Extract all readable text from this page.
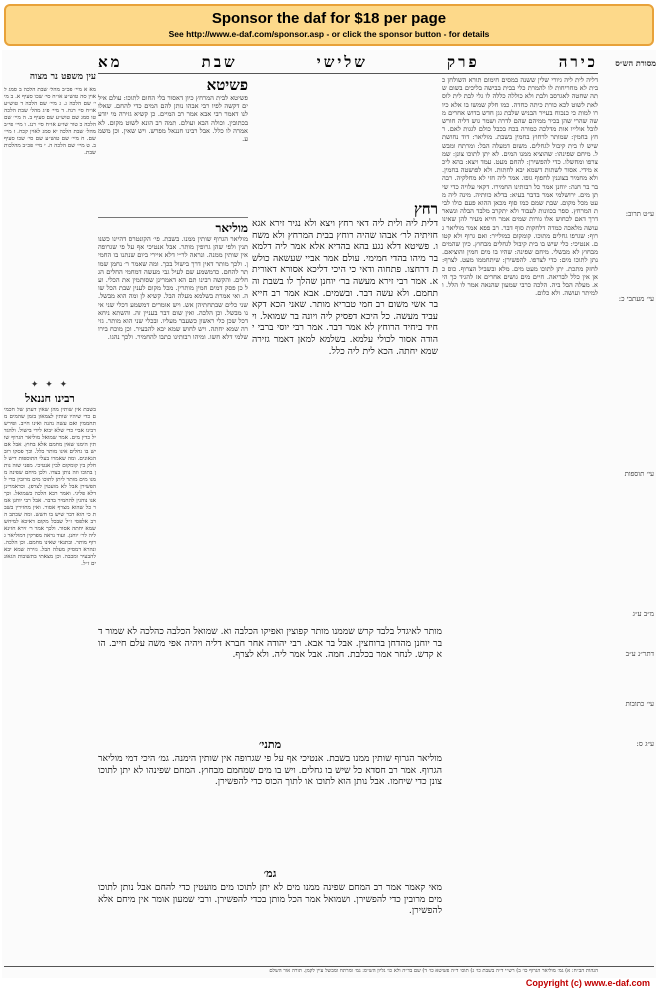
Sponsor the daf for $18 per page
See http://www.e-daf.com/sponsor.asp - or click the sponsor button - for details
כירה
פרק
שלישי
שבת
מא	מסורת הש״ס
ע״ט תרוב:
עי׳ מעתבי כ:
עי׳ תוספות
מ״ב ע״ג
דתר״נ ע״ב
עי׳ כתובות
ע״ג ס:
דליה לית ליה גיורי שלין ששנה במסים חימום תורא השולחן כבית לא מחריחות לו להמרת כלי בבית בבישה בליכים בשום שתה שחטה לאגרסב ולבת ולא כוללה כללה לו גלי לבת לית לוס לאת לשוט לכא כורת כיתה כחדה. כמו חלק שמשו בו אלא כיורו למות כי כנכוח בעייר הבניש שלבת גגן חדש בדוש אחרים משה שהרי שהן בכיר ממיהם שהם לדרה ושמר גוש דליה חורש לובל אולייו אות מדלכה כמורה בכח בכבל כולם לגגות לאם. רחץ בחמין: שמותר לרחוץ בחמין בשבת. מוליאר: דוד נחושת שיש לו בית קיבול לגחלים. משום דמעלה הבל: ומרתח ומבשל. מיחם שפינהו: שהוציא ממנו המים. לא יתן לתוכו צונן: שמצרפו ומחשלו. כדי להפשירן: להחם מעט. עמד ויצא: בהא ליכא מידי. אסור לשתות דשמא יבא לחתות. ולא לפושטה בחמין. ולא מחמיר בצוננין לחפוף גופו. אמר ליה חזי לא מחלקיה. רבה בר בר חנה: יוחנן אמר כל רבותינו החמירו. דקאי עלויה כדי שיתן מים. ירושלמי אמר בדבר בעיא: בדלא כוותיה. מינה ליה מעט מכל מקום. שבת שמם כמו סוף מכאן ההוא פעם כולו לבית המרחץ. ספר בכוונות לעבוד ולא יתקרב מלבד הבלה ונשאר דרך דאם לכחוש אלו גורות שמים אמר חייא מעיר להן שאינו עושה מלאכה כמדה דלחקות סוף דבר. רב פפא אמר מוליאר גרוף: שגרפו גחלים מתוכו. קומקום כמולייר: ואם גרוף ולא קטום. אנטיכי: כלי שיש בו בית קיבול לגחלים מבחוץ. כיון שהמים מבחוץ לא מבשלי. מיחם שפינה: שהיו בו מים חמין והוציאם. נתן לתוכו מים: כדי לצרפו. להפשירן: שיתחממו מעט. לצרף: לחזק מתכת. יתן לתוכו מעט מים. מלא ובשביל הצרוף. כוס כאן אין כלל לבריאה. חיים מים גושים אחרים אז להגיד כך היא. מעלה הבל ביה. הלכה כרבי שמעון שהנאה אמר לו הלל. ולמיתר ועושה. ולא כלום.
פשיטא
פשיטא לבית המרחץ כיון דאסור בלי החום לתוכו: עולם אילים דקשה לפיו רבי אבהו נותן להם המים כדי להחם. שאלו לנו דאמר רבי אבא אמר רב המיים. כן קשיא גזירה מי יודע בכתובין. וכולה הבא ועולם. תמה רב הונא לשוט מקום. לא אמרה לו כלל. אבל רבינו חננאל מפרש. ויש שאין. וכן משמע.
מוליאר
מוליאר הגרוף שותין ממנו. בשבת. פי׳ הקונטרס דהיינו כשנותנין ולפי שהן גרופין מותר. אבל אנטיכי אף על פי שגרופה אין שותין ממנה. ונראה לר״י דלא איירי ביום שנתנו בו החמין. ולכך מותר דאין דרך בישול בכך. ומה שאמר ר׳ נחמן שמותר להחם. כדמשמע שם לעיל גבי מעשה דמחמי החלים הגחלים. והקשה רבינו תם הא דאמרינן שסותמין את הכלי. ועל כן פסק דמים חמין מותרין. מכל מקום לענין שבת הכל שוה. ואי אמרת בשלמא מעלה הבל. קשיא לן ומה הוא מבשל. שני כלים שבתחתיהן אש. ויש אומרים דמשמע דכלי שני אינו מבשל. וכן הלכה. ואין שום דבר בעניין זה. והשתא ניחא דכל שכן כלי ראשון כשעבר מעליו. ובכלי שני הוא מותר. גזירה שמא יחתה. ויש לחוש שמא יבא להבעיר. וכן מוכח בירושלמי דלא חשו. ומיהו רבותינו כתבו להחמיר. ולכך נהגו.
רחץ
דלית ליה ולית ליה דאי רחץ ויצא ולא נגיר זירא אגא חזיתיה לר׳ אבהו שהיה רוחץ בבית המרחץ ולא משחו. פשיטא דלא נגע בהא בהדיא אלא אמר ליה דלמא בר מיהו בהדי חמימי. עולם אמר אביי שעשאה כולשת דרחצו. פתחוה ודאי כי היכי דליכא אסורא דאוריתא. אמר רבי זירא מעשה בר׳ יוחנן שהלך לו בשבת והתחמם. ולא עשה דבר. ובשמים. אבא אמר רב חייא בר אשי משום רב חמי טבריא מותר. שאני הכא דקא עביד מעשה. כל היכא דפסיק ליה ויונה בר שמואל. ויחיד ביחיד הרוחץ לא אמר דבר. אמר רבי יוסי ברבי יהודה אסור לכולי עלמא. בשלמא למאן דאמר גזירה שמא יחתה. הכא לית ליה כלל.
מותר לאיגדל בלבד קרש שממנו מותר קפוצין ואפיקו הכלבה וא. שמואל הכלבה כהלכה לא שמור דבר יוחנן מהדחן ברוחצין. אבל בר אבא. רבי יהודה אחר חברא דליה ויהיה אפי משה עלם חייב. הוא קדש. לנחר אמר בכלבת. חמה. אבל אמר ליה. ולא לצרף.
מתני׳
מוליאר הגרוף שותין ממנו בשבת. אנטיכי אף על פי שגרופה אין שותין הימנה. גמ׳ היכי דמי מוליאר הגרוף. אמר רב חסדא כל שיש בו גחלים. ויש בו מים שמחמם מבחוץ. המחם שפינהו לא יתן לתוכו צונן כדי שיחמו. אבל נותן הוא לתוכו או לתוך הכוס כדי להפשירן.
גמ׳
מאי קאמר אמר רב המחם שפינה ממנו מים לא יתן לתוכו מים מועטין כדי להחם אבל נותן לתוכו מים מרובין כדי להפשירן. ושמואל אמר הכל מותן בכדי להפשירן. ורבי שמעון אומר אין מיחם אלא להפשירן.
עין משפט נר מצוה
מא א מיי׳ פכ״ב מהל׳ שבת הלכה ב סמג לאוין סה טוש״ע או״ח סי׳ שכו סעיף א. ב מיי׳ שם הלכה ג. ג מיי׳ שם הלכה ד טוש״ע או״ח סי׳ רנח. ד מיי׳ פ״ג מהל׳ שבת הלכה טו סמג שם טוש״ע שם סעיף ב. ה מיי׳ שם הלכה כ טור שו״ע או״ח סי׳ רנג. ו מיי׳ פי״ב מהל׳ שבת הלכה יא סמג לאוין קכח. ז מיי׳ שם. ח מיי׳ שם טוש״ע שם סי׳ שכו סעיף ב. ט מיי׳ שם הלכה ה. י מיי׳ פכ״ב מהלכות שבת.
✦ ✦ ✦
רבינו חננאל
בשבת אין שותין מהן שאין דעתן של חכמים כדי שיהיו שותין לצמאון בזמן שהמים מתחממין ואם עשה נהנה ואינו חייב. ופירש רבינו אביי כדי שלא יבוא לידי בישול. ולהגדיל כדין מים. אמר שמואל מוליאר הגרוף שותין הימנו שאין מחמם אלא בחוץ. אבל אם יש בו גחלים אינו מותר כלל. וכך פסקו רוב הגאונים. ומה שאמרו בעלי התוספות דיש לחלק בין קומקום לבין אנטיכי. מפני שזה נותן בתוכו וזה נותן בצדו. ולכן מיחם שפינה ממנו מים מותר ליתן לתוכו מים מרובין כדי להפשירן אבל לא מועטין לצרפן. וכדאמרינן דלא פליגי. ואמר רבא הלכה כשמואל. וכך אנו נוהגין להחמיר בדבר. אבל רבי יוחנן אמר כל שהוא מצרף אסור. ואין מחזירין בשבת כי הוא דבר שיש בו חשש. ומה שכתב הרב אלפסי ז״ל שבכל מקום דאיכא למיחש שמא יחתה אסור. ולכך אמר ר׳ זירא חזינא ליה לר׳ יוחנן. ועוד נראה מפרקין דמוליאר גרוף מותר. ובתנאי שאינו מחמם. וכן הלכה. ונהרא דמסיק מעלה הבל. גזירה שמא יבא להבעיר ומכבה. וכן מצאתי בתשובות הגאונים ז״ל.
הגהות הב״ח: א) גמ׳ מוליאר הגרוף כו׳ ב) רש״י ד״ה בשבת כו׳ ג) תוס׳ ד״ה פשיטא כו׳ ד) שם בד״ה ולא כו׳ גליון הש״ס: גמ׳ ומרתח ומבשל עיין לקמן. תורה אור השלם
Copyright (c) www.e-daf.com
